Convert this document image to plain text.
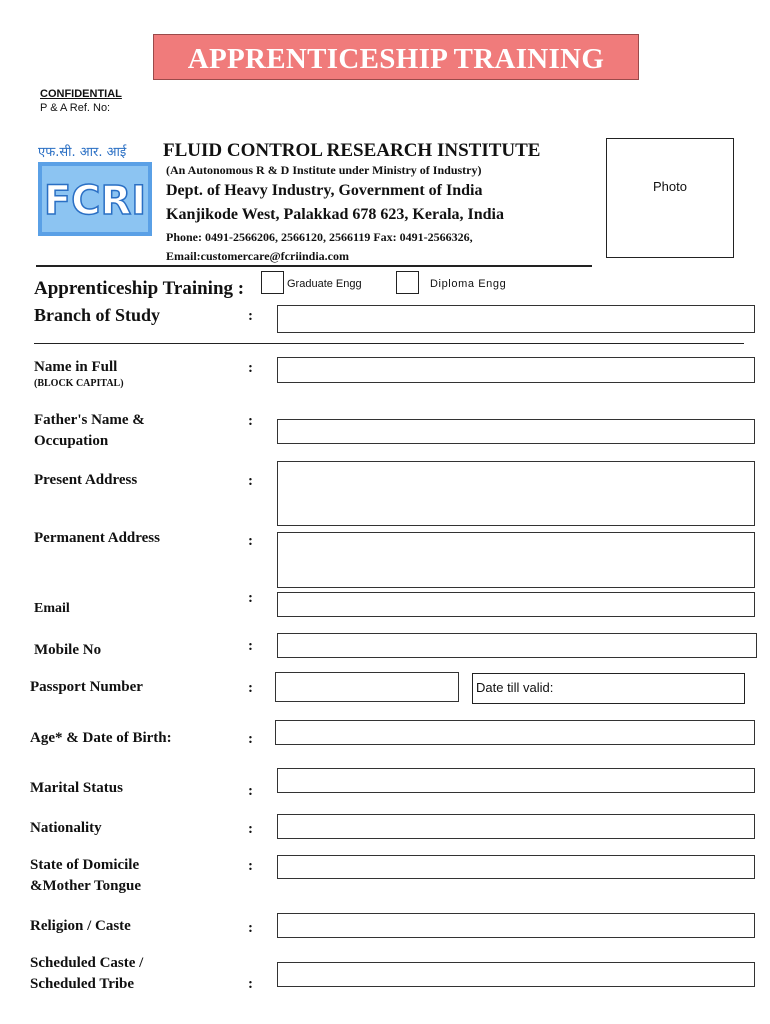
APPRENTICESHIP TRAINING
CONFIDENTIAL
P & A Ref. No:
एफ.सी. आर. आई
FCRI
FLUID CONTROL RESEARCH INSTITUTE
(An Autonomous R & D Institute under Ministry of Industry)
Dept. of Heavy Industry, Government of India
Kanjikode West, Palakkad 678 623, Kerala, India
Phone: 0491-2566206, 2566120, 2566119 Fax: 0491-2566326,
Email:customercare@fcriindia.com
Photo
Apprenticeship Training :	Graduate Engg	Diploma Engg
Branch of Study	:
Name in Full
(BLOCK CAPITAL)
:
Father's Name &
Occupation
:
Present Address	:
Permanent Address	:
Email
:
Mobile No	:
Passport Number	:	Date till valid:
Age* & Date of Birth:	:
Marital Status	:
Nationality	:
State of Domicile
&Mother Tongue
:
Religion / Caste	:
Scheduled Caste /
Scheduled Tribe	:
